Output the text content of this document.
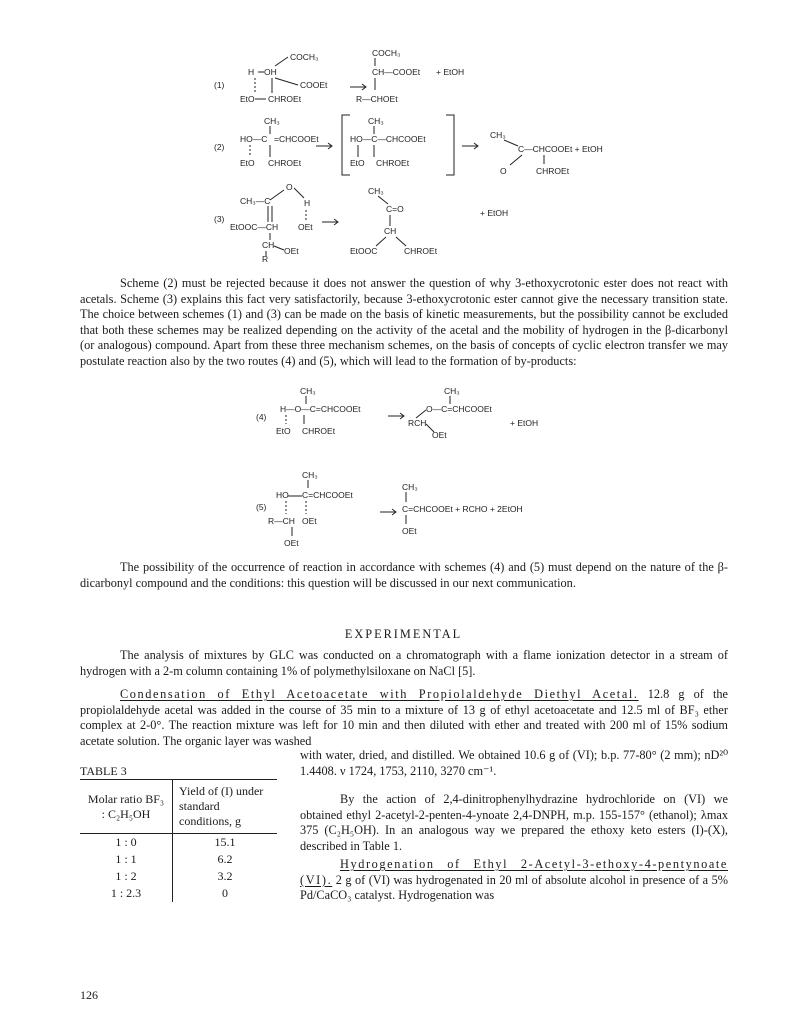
(1)
COCH₃
H OH
COOEt
EtO CHROEt
COCH₃
CH—COOEt + EtOH
R—CHOEt
(2)
CH₃
HO—C =CHCOOEt
EtO CHROEt
CH₃
HO—C—CHCOOEt
EtO CHROEt
CH₃
C—CHCOOEt + EtOH
O	CHROEt
(3)
O
CH₃—C	H
EtOOC—CH OEt
CH
R
OEt
CH₃
C=O	+ EtOH
CH
EtOOC	CHROEt
Scheme (2) must be rejected because it does not answer the question of why 3-ethoxycrotonic ester does not react with acetals. Scheme (3) explains this fact very satisfactorily, because 3-ethoxycrotonic ester cannot give the necessary transition state. The choice between schemes (1) and (3) can be made on the basis of kinetic measurements, but the possibility cannot be excluded that both these schemes may be realized depending on the activity of the acetal and the mobility of hydrogen in the β-dicarbonyl (or analogous) compound. Apart from these three mechanism schemes, on the basis of concepts of cyclic electron transfer we may postulate reaction also by the two routes (4) and (5), which will lead to the formation of by-products:
(4)
CH₃
H—O—C=CHCOOEt
EtO CHROEt
CH₃
O—C=CHCOOEt
RCH
OEt
+ EtOH
(5)
CH₃
HO C=CHCOOEt
R—CH OEt
OEt
CH₃
C=CHCOOEt + RCHO + 2EtOH
OEt
The possibility of the occurrence of reaction in accordance with schemes (4) and (5) must depend on the nature of the β-dicarbonyl compound and the conditions: this question will be discussed in our next communication.
EXPERIMENTAL
The analysis of mixtures by GLC was conducted on a chromatograph with a flame ionization detector in a stream of hydrogen with a 2-m column containing 1% of polymethylsiloxane on NaCl [5].
Condensation of Ethyl Acetoacetate with Propiolaldehyde Diethyl Acetal. 12.8 g of the propiolaldehyde acetal was added in the course of 35 min to a mixture of 13 g of ethyl acetoacetate and 12.5 ml of BF₃ ether complex at 2-0°. The reaction mixture was left for 10 min and then diluted with ether and treated with 200 ml of 15% sodium acetate solution. The organic layer was washed
TABLE 3
Molar ratio BF₃ : C₂H₅OH	Yield of (I) under standard conditions, g
1 : 0	15.1
1 : 1	6.2
1 : 2	3.2
1 : 2.3	0
with water, dried, and distilled. We obtained 10.6 g of (VI); b.p. 77-80° (2 mm); nD²⁰ 1.4408. ν 1724, 1753, 2110, 3270 cm⁻¹.
By the action of 2,4-dinitrophenylhydrazine hydrochloride on (VI) we obtained ethyl 2-acetyl-2-penten-4-ynoate 2,4-DNPH, m.p. 155-157° (ethanol); λmax 375 (C₂H₅OH). In an analogous way we prepared the ethoxy keto esters (I)-(X), described in Table 1.
Hydrogenation of Ethyl 2-Acetyl-3-ethoxy-4-pentynoate (VI). 2 g of (VI) was hydrogenated in 20 ml of absolute alcohol in presence of a 5% Pd/CaCO₃ catalyst. Hydrogenation was
126
